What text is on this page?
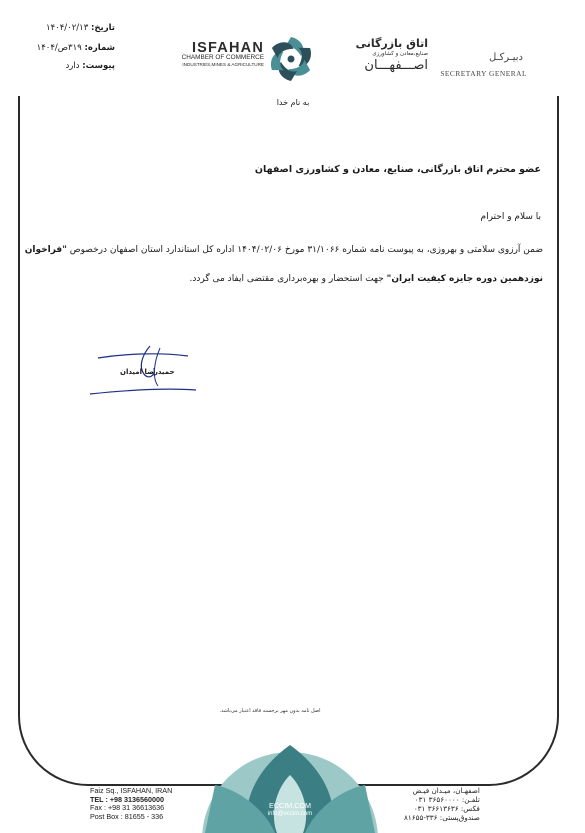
تاریخ: ۱۴۰۴/۰۲/۱۳
شماره: ۳۱۹ص/۱۴۰۴
پیوست: دارد
ISFAHAN
CHAMBER OF COMMERCE
INDUSTRIES,MINES & AGRICULTURE
اتاق بازرگانی
صنایع،معادن و کشاورزی
اصـــفهـــان
دبیـرکـل
SECRETARY GENERAL
به نام خدا
عضو محترم اتاق بازرگانی، صنایع، معادن و کشاورزی اصفهان
با سلام و احترام
ضمن آرزوی سلامتی و بهروزی، به پیوست نامه شماره ۳۱/۱۰۶۶ مورخ ۱۴۰۴/۰۲/۰۶ اداره کل استاندارد استان اصفهان درخصوص "فراخوان نوزدهمین دوره جایزه کیفیت ایران" جهت استحضار و بهره‌برداری مقتضی ایفاد می گردد.
حمیدرضا امیدان
اصل نامه بدون مهر برجسته فاقد اعتبار می‌باشد.
ECCIM.COM
info@eccim.com
Faiz Sq., ISFAHAN, IRAN
TEL : +98 3136560000
Fax : +98 31 36613636
Post Box : 81655 - 336
اصفهـان، میـدان فیـض
تلفـن: ۳۶۵۶۰۰۰۰ ۰۳۱
فکس: ۳۶۶۱۳۶۳۶ ۰۳۱
صندوق‌پستی: ۳۳۶-۸۱۶۵۵
